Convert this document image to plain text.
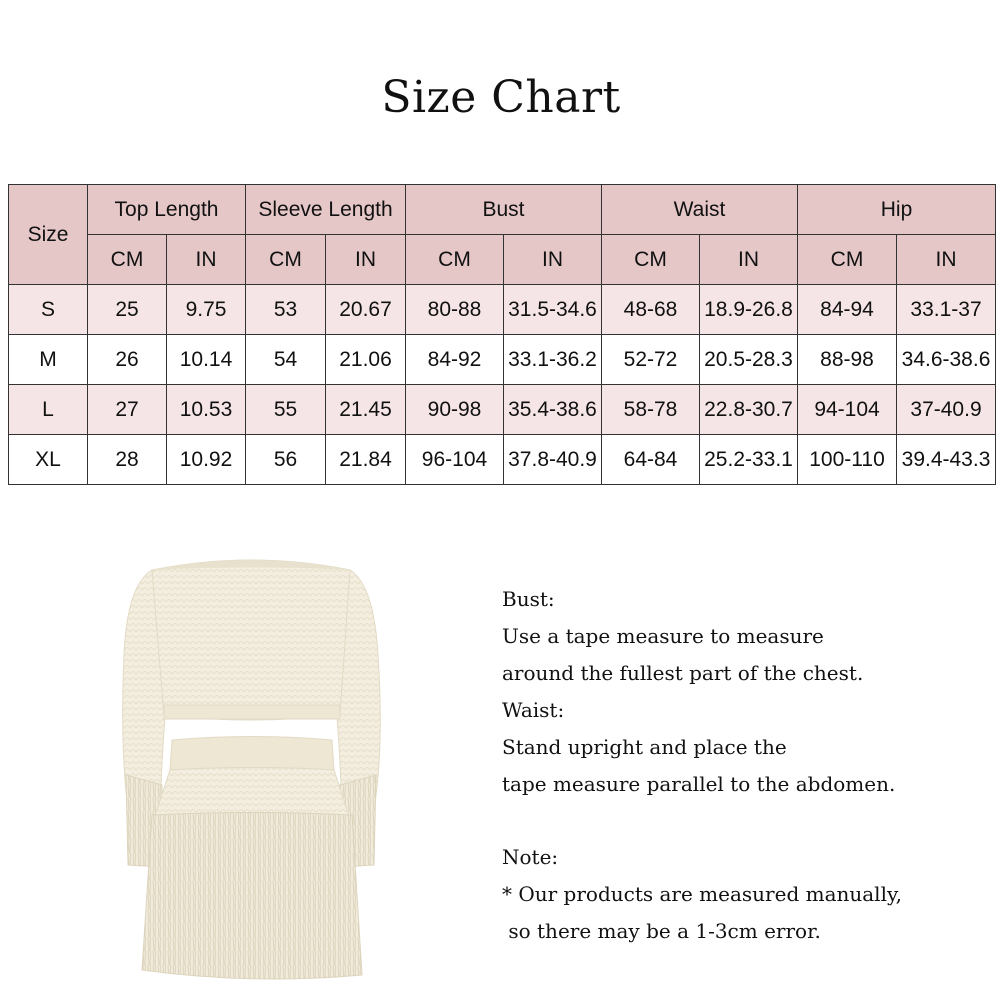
Size Chart
Size	Top Length		Sleeve Length		Bust		Waist		Hip	
	CM	IN	CM	IN	CM	IN	CM	IN	CM	IN
S	25	9.75	53	20.67	80-88	31.5-34.6	48-68	18.9-26.8	84-94	33.1-37
M	26	10.14	54	21.06	84-92	33.1-36.2	52-72	20.5-28.3	88-98	34.6-38.6
L	27	10.53	55	21.45	90-98	35.4-38.6	58-78	22.8-30.7	94-104	37-40.9
XL	28	10.92	56	21.84	96-104	37.8-40.9	64-84	25.2-33.1	100-110	39.4-43.3
Bust:
Use a tape measure to measure
around the fullest part of the chest.
Waist:
Stand upright and place the
tape measure parallel to the abdomen.
Note:
* Our products are measured manually,
so there may be a 1-3cm error.
